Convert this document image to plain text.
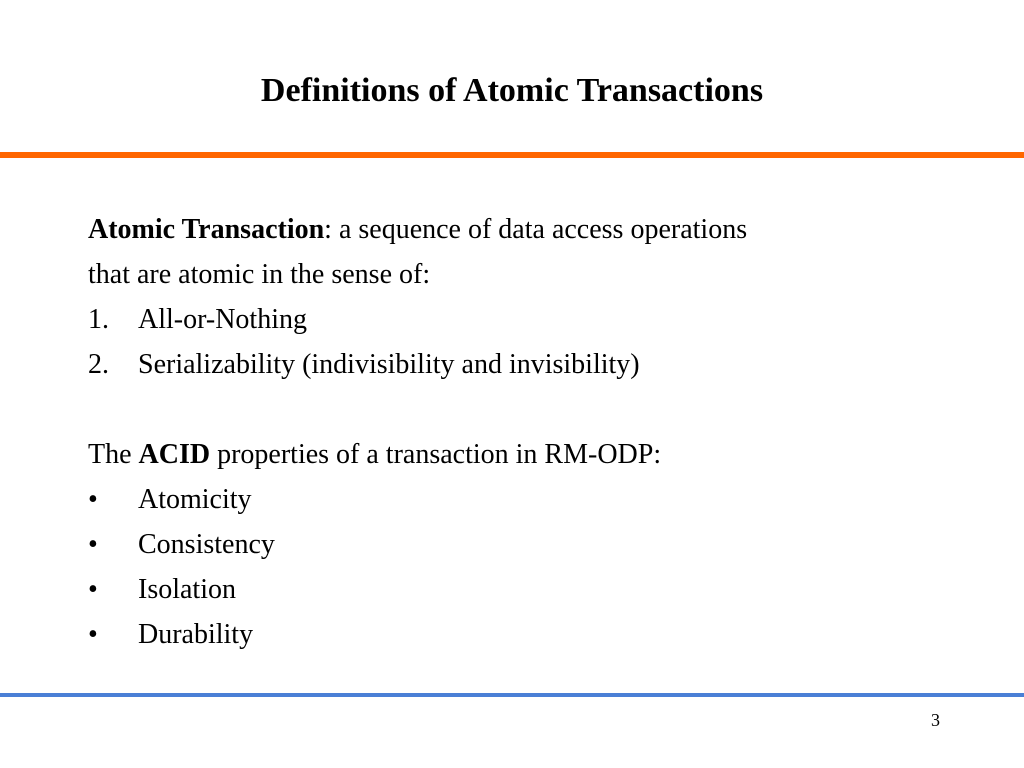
Definitions of Atomic Transactions
Atomic Transaction: a sequence of data access operations
that are atomic in the sense of:
1.	All-or-Nothing
2.	Serializability (indivisibility and invisibility)
The ACID properties of a transaction in RM-ODP:
•	Atomicity
•	Consistency
•	Isolation
•	Durability
3
